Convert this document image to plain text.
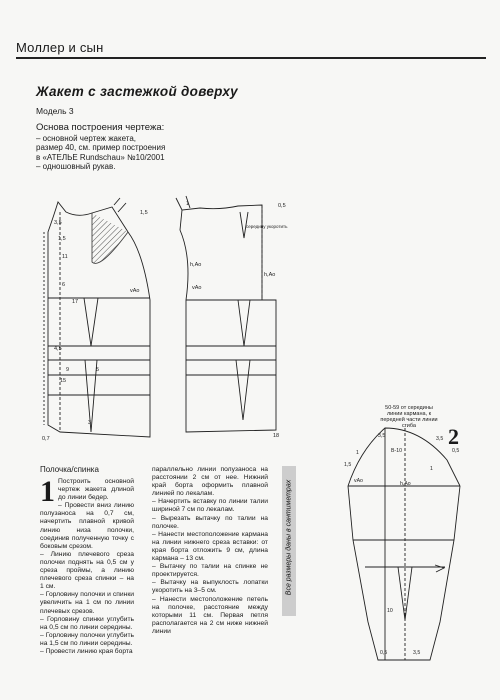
Моллер и сын
Жакет с застежкой доверху
Модель 3
Основа построения чертежа:
– основной чертеж жакета,
размер 40, см. пример построения
в «АТЕЛЬЕ Rundschau» №10/2001
– одношовный рукав.
3,5
1,5
1,5
11
6
17
4,5
vAo
9	5
0,7
15
3
0,5
1
середину укоротить
h,Ao
h,Ao
vAo
18	3,5
B-10
h,Ao
1,5
1
1
vAo
0,5
3,5
10
0,5	3,5
50-59 от середины линии кармана, к передней части линии сгиба	2
Полочка/спинка
1 Построить основной чертеж жакета длиной до линии бедер.

– Провести вниз линию полузаноса на 0,7 см, начертить плавной кривой линию низа полочки, соединив полученную точку с боковым срезом.

– Линию плечевого среза полочки поднять на 0,5 см у среза проймы, а линию плечевого среза спинки – на 1 см.

– Горловину полочки и спинки увеличить на 1 см по линии плечевых срезов.

– Горловину спинки углубить на 0,5 см по линии середины.

– Горловину полочки углубить на 1,5 см по линии середины.

– Провести линию края борта

параллельно линии полузаноса на расстоянии 2 см от нее. Нижний край борта оформить плавной линией по лекалам.

– Начертить вставку по линии талии шириной 7 см по лекалам.

– Вырезать вытачку по талии на полочке.

– Нанести местоположение кармана на линии нижнего среза вставки: от края борта отложить 9 см, длина кармана – 13 см.

– Вытачку по талии на спинке не проектируется.

– Вытачку на выпуклость лопатки укоротить на 3–5 см.

– Нанести местоположение петель на полочке, расстояние между которыми 11 см. Первая петля располагается на 2 см ниже нижней линии

Все размеры даны в сантиметрах
